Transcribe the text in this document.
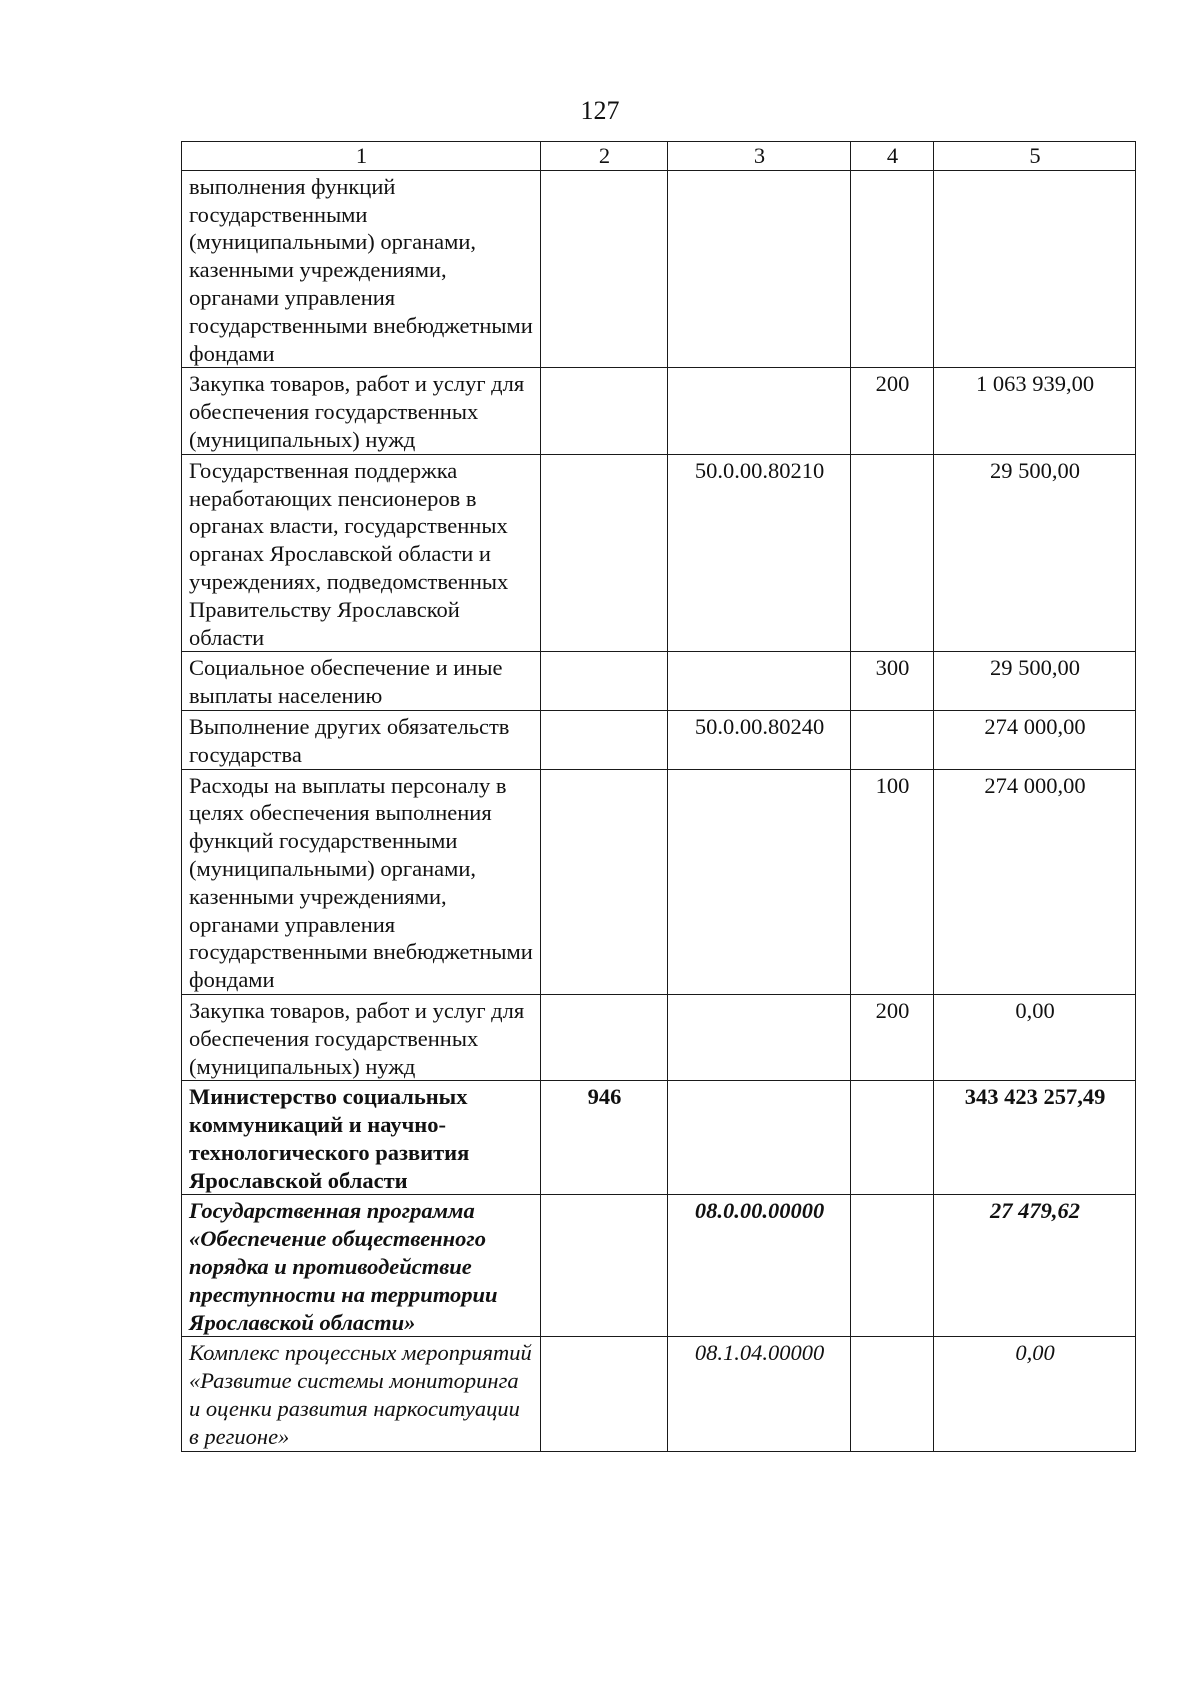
127
1	2	3	4	5
выполнения функций государственными (муниципальными) органами, казенными учреждениями, органами управления государственными внебюджетными фондами				
Закупка товаров, работ и услуг для обеспечения государственных (муниципальных) нужд			200	1 063 939,00
Государственная поддержка неработающих пенсионеров в органах власти, государственных органах Ярославской области и учреждениях, подведомственных Правительству Ярославской области		50.0.00.80210		29 500,00
Социальное обеспечение и иные выплаты населению			300	29 500,00
Выполнение других обязательств государства		50.0.00.80240		274 000,00
Расходы на выплаты персоналу в целях обеспечения выполнения функций государственными (муниципальными) органами, казенными учреждениями, органами управления государственными внебюджетными фондами			100	274 000,00
Закупка товаров, работ и услуг для обеспечения государственных (муниципальных) нужд			200	0,00
Министерство социальных коммуникаций и научно-технологического развития Ярославской области	946			343 423 257,49
Государственная программа «Обеспечение общественного порядка и противодействие преступности на территории Ярославской области»		08.0.00.00000		27 479,62
Комплекс процессных мероприятий «Развитие системы мониторинга и оценки развития наркоситуации в регионе»		08.1.04.00000		0,00
